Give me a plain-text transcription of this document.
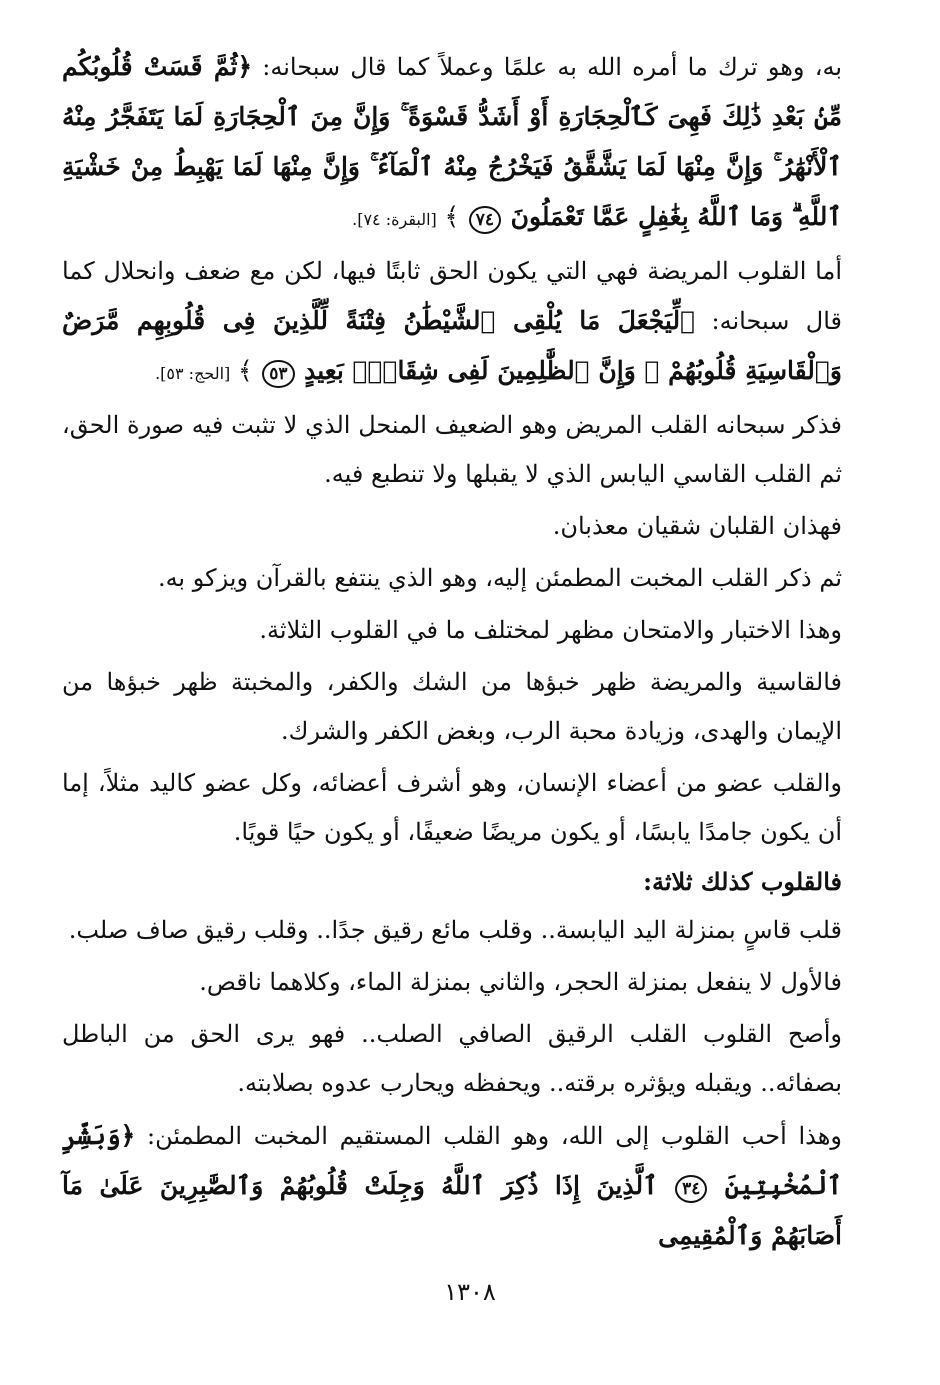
به، وهو ترك ما أمره الله به علمًا وعملاً كما قال سبحانه: ﴿ثُمَّ قَسَتْ قُلُوبُكُم مِّنۢ بَعْدِ ذَٰلِكَ فَهِىَ كَٱلْحِجَارَةِ أَوْ أَشَدُّ قَسْوَةً ۚ وَإِنَّ مِنَ ٱلْحِجَارَةِ لَمَا يَتَفَجَّرُ مِنْهُ ٱلْأَنْهَٰرُ ۚ وَإِنَّ مِنْهَا لَمَا يَشَّقَّقُ فَيَخْرُجُ مِنْهُ ٱلْمَآءُ ۚ وَإِنَّ مِنْهَا لَمَا يَهْبِطُ مِنْ خَشْيَةِ ٱللَّهِ ۗ وَمَا ٱللَّهُ بِغَٰفِلٍ عَمَّا تَعْمَلُونَ ٧٤ ﴾ [البقرة: ٧٤].

أما القلوب المريضة فهي التي يكون الحق ثابتًا فيها، لكن مع ضعف وانحلال كما قال سبحانه: ﴿لِّيَجْعَلَ مَا يُلْقِى ٱلشَّيْطَٰنُ فِتْنَةً لِّلَّذِينَ فِى قُلُوبِهِم مَّرَضٌ وَٱلْقَاسِيَةِ قُلُوبُهُمْ ۗ وَإِنَّ ٱلظَّٰلِمِينَ لَفِى شِقَاقٍۭ بَعِيدٍ ٥٣ ﴾ [الحج: ٥٣].

فذكر سبحانه القلب المريض وهو الضعيف المنحل الذي لا تثبت فيه صورة الحق، ثم القلب القاسي اليابس الذي لا يقبلها ولا تنطبع فيه.

فهذان القلبان شقيان معذبان.

ثم ذكر القلب المخبت المطمئن إليه، وهو الذي ينتفع بالقرآن ويزكو به.

وهذا الاختبار والامتحان مظهر لمختلف ما في القلوب الثلاثة.

فالقاسية والمريضة ظهر خبؤها من الشك والكفر، والمخبتة ظهر خبؤها من الإيمان والهدى، وزيادة محبة الرب، وبغض الكفر والشرك.

والقلب عضو من أعضاء الإنسان، وهو أشرف أعضائه، وكل عضو كاليد مثلاً، إما أن يكون جامدًا يابسًا، أو يكون مريضًا ضعيفًا، أو يكون حيًا قويًا.

فالقلوب كذلك ثلاثة:

قلب قاسٍ بمنزلة اليد اليابسة.. وقلب مائع رقيق جدًا.. وقلب رقيق صاف صلب.

فالأول لا ينفعل بمنزلة الحجر، والثاني بمنزلة الماء، وكلاهما ناقص.

وأصح القلوب القلب الرقيق الصافي الصلب.. فهو يرى الحق من الباطل بصفائه.. ويقبله ويؤثره برقته.. ويحفظه ويحارب عدوه بصلابته.

وهذا أحب القلوب إلى الله، وهو القلب المستقيم المخبت المطمئن: ﴿وَبَشِّرِ ٱلْمُخْبِتِينَ ٣٤ ٱلَّذِينَ إِذَا ذُكِرَ ٱللَّهُ وَجِلَتْ قُلُوبُهُمْ وَٱلصَّٰبِرِينَ عَلَىٰ مَآ أَصَابَهُمْ وَٱلْمُقِيمِى

١٣٠٨
